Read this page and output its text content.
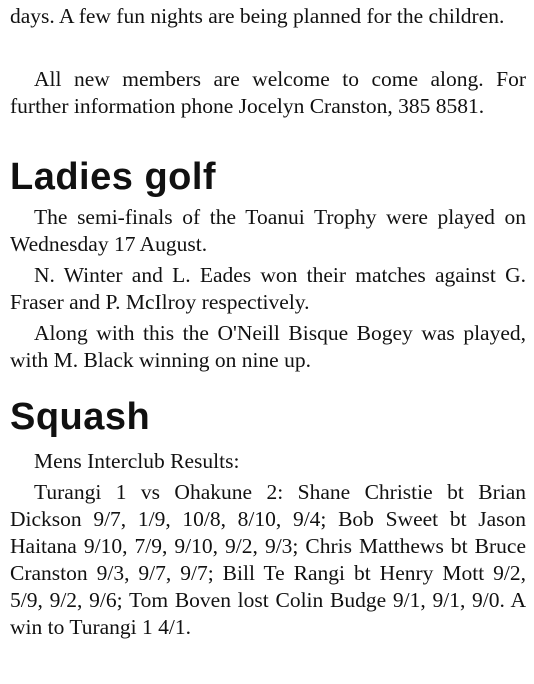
days. A few fun nights are being planned for the children.

All new members are welcome to come along. For further information phone Jocelyn Cranston, 385 8581.

Ladies golf

The semi-finals of the Toanui Trophy were played on Wednesday 17 August.

N. Winter and L. Eades won their matches against G. Fraser and P. McIlroy respectively.

Along with this the O'Neill Bisque Bogey was played, with M. Black winning on nine up.

Squash

Mens Interclub Results:

Turangi 1 vs Ohakune 2: Shane Christie bt Brian Dickson 9/7, 1/9, 10/8, 8/10, 9/4; Bob Sweet bt Jason Haitana 9/10, 7/9, 9/10, 9/2, 9/3; Chris Matthews bt Bruce Cranston 9/3, 9/7, 9/7; Bill Te Rangi bt Henry Mott 9/2, 5/9, 9/2, 9/6; Tom Boven lost Colin Budge 9/1, 9/1, 9/0. A win to Turangi 1 4/1.
